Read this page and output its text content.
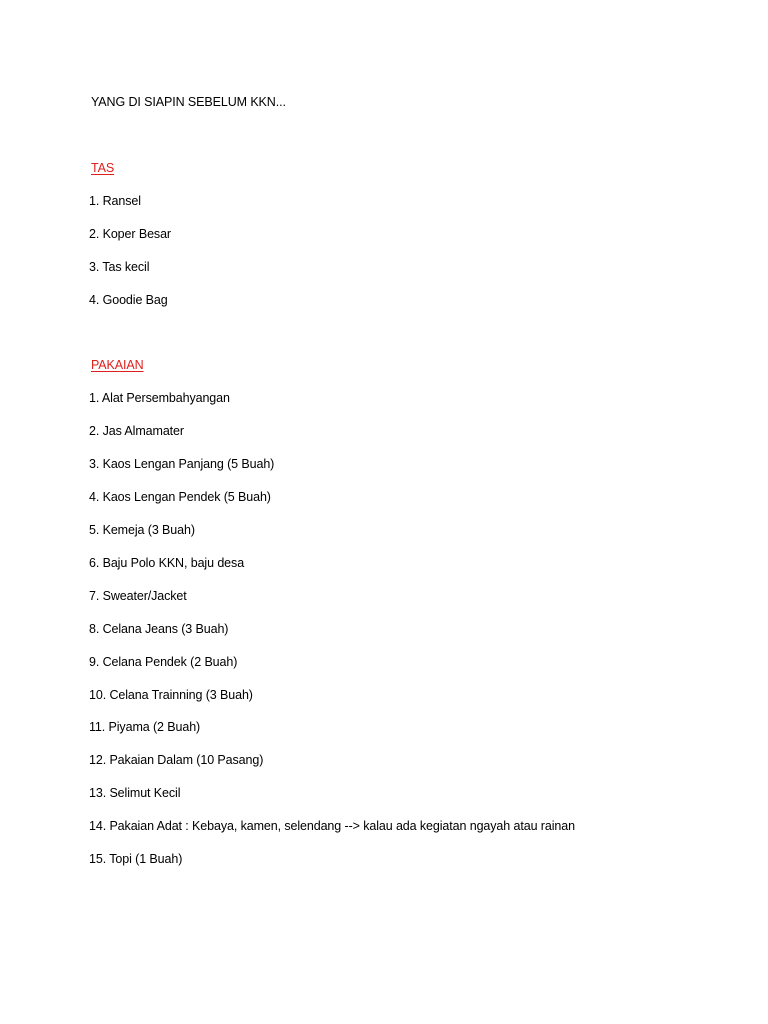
YANG DI SIAPIN SEBELUM KKN...
TAS
1. Ransel
2. Koper Besar
3. Tas kecil
4. Goodie Bag
PAKAIAN
1. Alat Persembahyangan
2. Jas Almamater
3. Kaos Lengan Panjang (5 Buah)
4. Kaos Lengan Pendek (5 Buah)
5. Kemeja (3 Buah)
6. Baju Polo KKN, baju desa
7. Sweater/Jacket
8. Celana Jeans (3 Buah)
9. Celana Pendek (2 Buah)
10. Celana Trainning (3 Buah)
11. Piyama (2 Buah)
12. Pakaian Dalam (10 Pasang)
13. Selimut Kecil
14. Pakaian Adat : Kebaya, kamen, selendang --> kalau ada kegiatan ngayah atau rainan
15. Topi (1 Buah)
